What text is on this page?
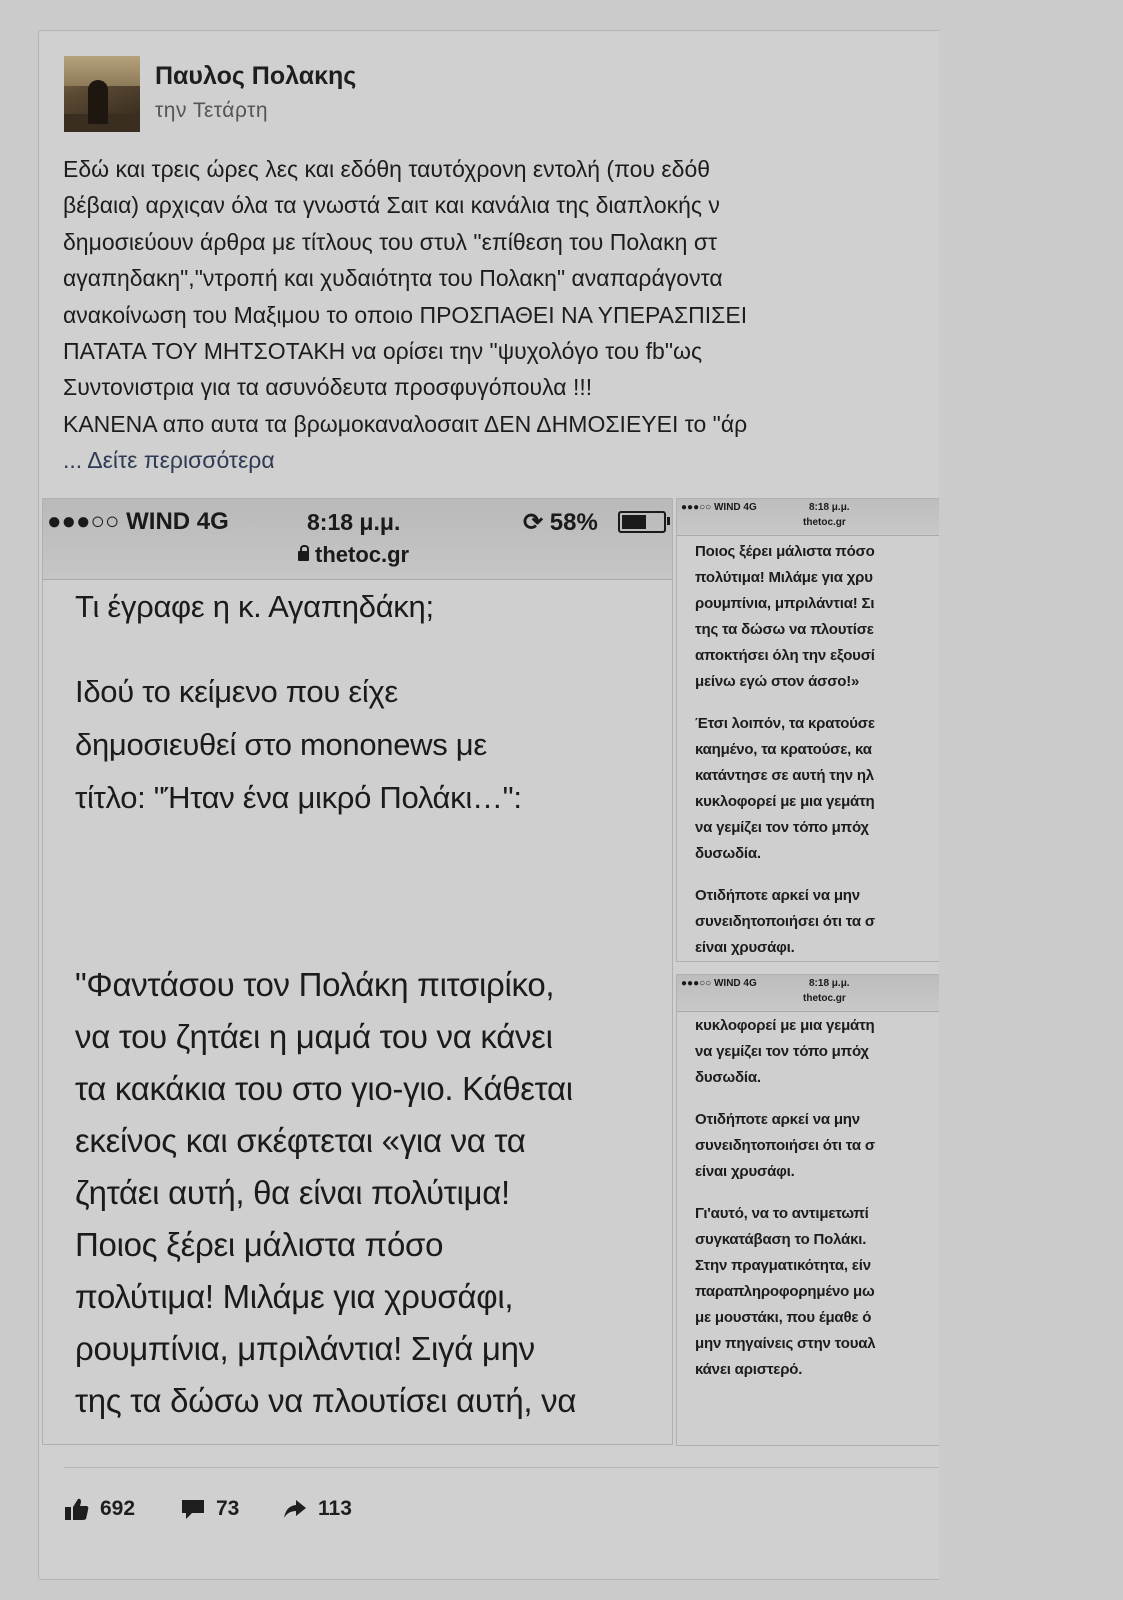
Παυλος Πολακης
την Τετάρτη
Εδώ και τρεις ώρες λες και εδόθη ταυτόχρονη εντολή (που εδόθ
βέβαια) αρχιςαν όλα τα γνωστά Σαιτ και κανάλια της διαπλοκής ν
δημοσιεύουν άρθρα με τίτλους του στυλ "επίθεση του Πολακη στ
αγαπηδακη","ντροπή και χυδαιότητα του Πολακη" αναπαράγοντα
ανακοίνωση του Μαξιμου το οποιο ΠΡΟΣΠΑΘΕΙ ΝΑ ΥΠΕΡΑΣΠΙΣΕΙ
ΠΑΤΑΤΑ ΤΟΥ ΜΗΤΣΟΤΑΚΗ να ορίσει την "ψυχολόγο του fb"ως
Συντονιστρια για τα ασυνόδευτα προσφυγόπουλα !!!
ΚΑΝΕΝΑ απο αυτα τα βρωμοκαναλοσαιτ ΔΕΝ ΔΗΜΟΣΙΕΥΕΙ το "άρ
... Δείτε περισσότερα
●●●○○ WIND 4G	8:18 μ.μ.	⟳ 58%
thetoc.gr
Τι έγραφε η κ. Αγαπηδάκη;
Ιδού το κείμενο που είχε
δημοσιευθεί στο mononews με
τίτλο: "Ήταν ένα μικρό Πολάκι…":
"Φαντάσου τον Πολάκη πιτσιρίκο,
να του ζητάει η μαμά του να κάνει
τα κακάκια του στο γιο-γιο. Κάθεται
εκείνος και σκέφτεται «για να τα
ζητάει αυτή, θα είναι πολύτιμα!
Ποιος ξέρει μάλιστα πόσο
πολύτιμα! Μιλάμε για χρυσάφι,
ρουμπίνια, μπριλάντια! Σιγά μην
της τα δώσω να πλουτίσει αυτή, να
●●●○○ WIND 4G	8:18 μ.μ.
thetoc.gr
Ποιος ξέρει μάλιστα πόσο
πολύτιμα! Μιλάμε για χρυ
ρουμπίνια, μπριλάντια! Σι
της τα δώσω να πλουτίσε
αποκτήσει όλη την εξουσί
μείνω εγώ στον άσσο!»
Έτσι λοιπόν, τα κρατούσε
καημένο, τα κρατούσε, κα
κατάντησε σε αυτή την ηλ
κυκλοφορεί με μια γεμάτη
να γεμίζει τον τόπο μπόχ
δυσωδία.
Οτιδήποτε αρκεί να μην
συνειδητοποιήσει ότι τα σ
είναι χρυσάφι.
●●●○○ WIND 4G	8:18 μ.μ.
thetoc.gr
κυκλοφορεί με μια γεμάτη
να γεμίζει τον τόπο μπόχ
δυσωδία.
Οτιδήποτε αρκεί να μην
συνειδητοποιήσει ότι τα σ
είναι χρυσάφι.
Γι'αυτό, να το αντιμετωπί
συγκατάβαση το Πολάκι.
Στην πραγματικότητα, είν
παραπληροφορημένο μω
με μουστάκι, που έμαθε ό
μην πηγαίνεις στην τουαλ
κάνει αριστερό.
692	73	113
